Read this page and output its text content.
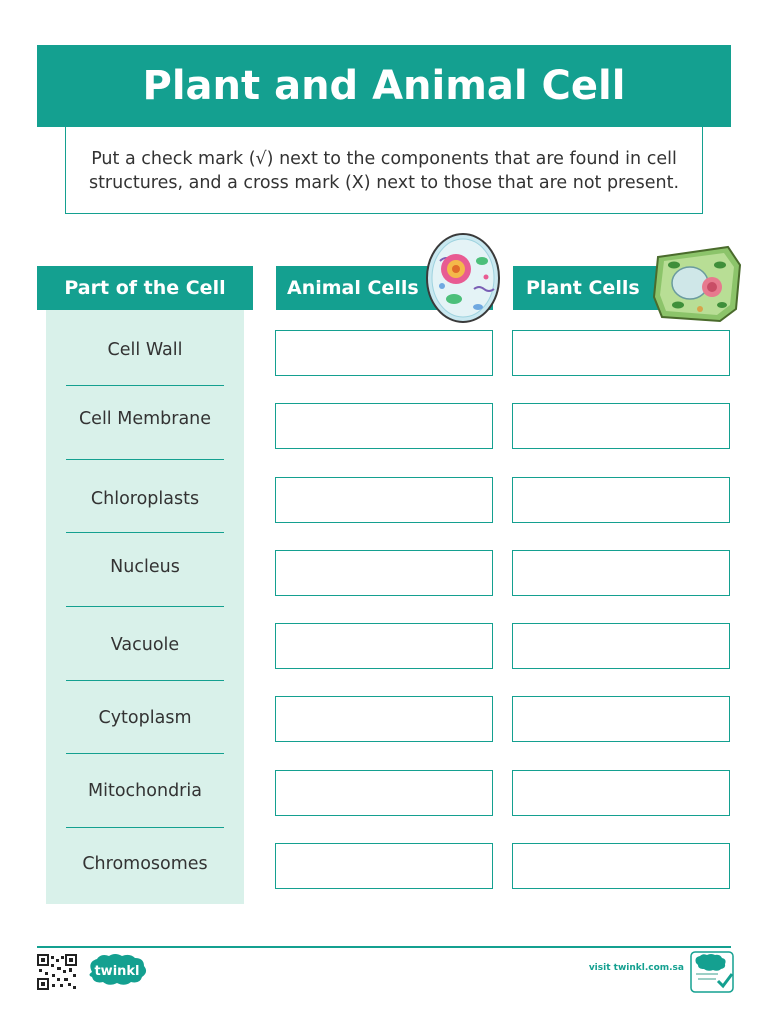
Plant and Animal Cell
Put a check mark (√) next to the components that are found in cell structures, and a cross mark (X) next to those that are not present.
Part of the Cell	Animal Cells	Plant Cells
Cell Wall
Cell Membrane
Chloroplasts
Nucleus
Vacuole
Cytoplasm
Mitochondria
Chromosomes
twinkl	visit twinkl.com.sa
